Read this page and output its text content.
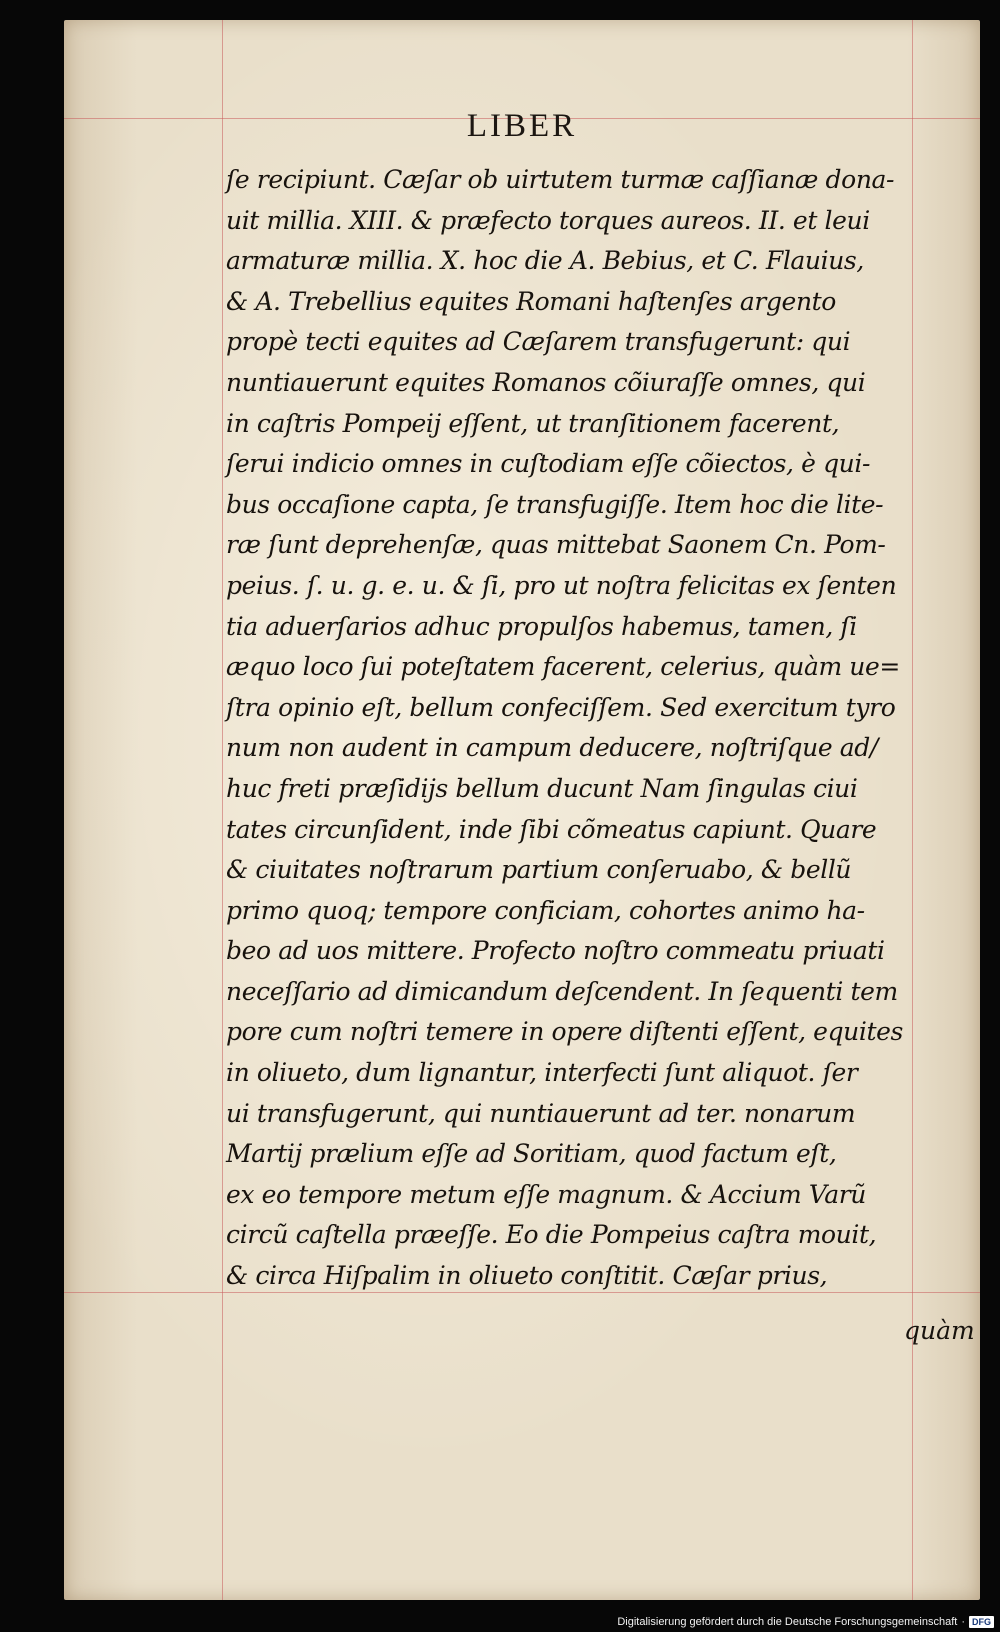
LIBER
ſe recipiunt. Cæſar ob uirtutem turmæ caſſianæ dona-
uit millia. XIII. & præfecto torques aureos. II. et leui
armaturæ millia. X. hoc die A. Bebius, et C. Flauius,
& A. Trebellius equites Romani haſtenſes argento
propè tecti equites ad Cæſarem transfugerunt: qui
nuntiauerunt equites Romanos cõiuraſſe omnes, qui
in caſtris Pompeij eſſent, ut tranſitionem facerent,
ſerui indicio omnes in cuſtodiam eſſe cõiectos, è qui-
bus occaſione capta, ſe transfugiſſe. Item hoc die lite-
ræ ſunt deprehenſæ, quas mittebat Saonem Cn. Pom-
peius. ſ. u. g. e. u. & ſi, pro ut noſtra felicitas ex ſenten
tia aduerſarios adhuc propulſos habemus, tamen, ſi
æquo loco ſui poteſtatem facerent, celerius, quàm ue=
ſtra opinio eſt, bellum confeciſſem. Sed exercitum tyro
num non audent in campum deducere, noſtriſque ad/
huc freti præſidijs bellum ducunt Nam ſingulas ciui
tates circunſident, inde ſibi cõmeatus capiunt. Quare
& ciuitates noſtrarum partium conſeruabo, & bellũ
primo quoq; tempore conficiam, cohortes animo ha-
beo ad uos mittere. Profecto noſtro commeatu priuati
neceſſario ad dimicandum deſcendent. In ſequenti tem
pore cum noſtri temere in opere diſtenti eſſent, equites
in oliueto, dum lignantur, interfecti ſunt aliquot. ſer
ui transfugerunt, qui nuntiauerunt ad ter. nonarum
Martij prælium eſſe ad Soritiam, quod factum eſt,
ex eo tempore metum eſſe magnum. & Accium Varũ
circũ caſtella præeſſe. Eo die Pompeius caſtra mouit,
& circa Hiſpalim in oliueto conſtitit. Cæſar prius,
quàm
Digitalisierung gefördert durch die Deutsche Forschungsgemeinschaft · DFG
